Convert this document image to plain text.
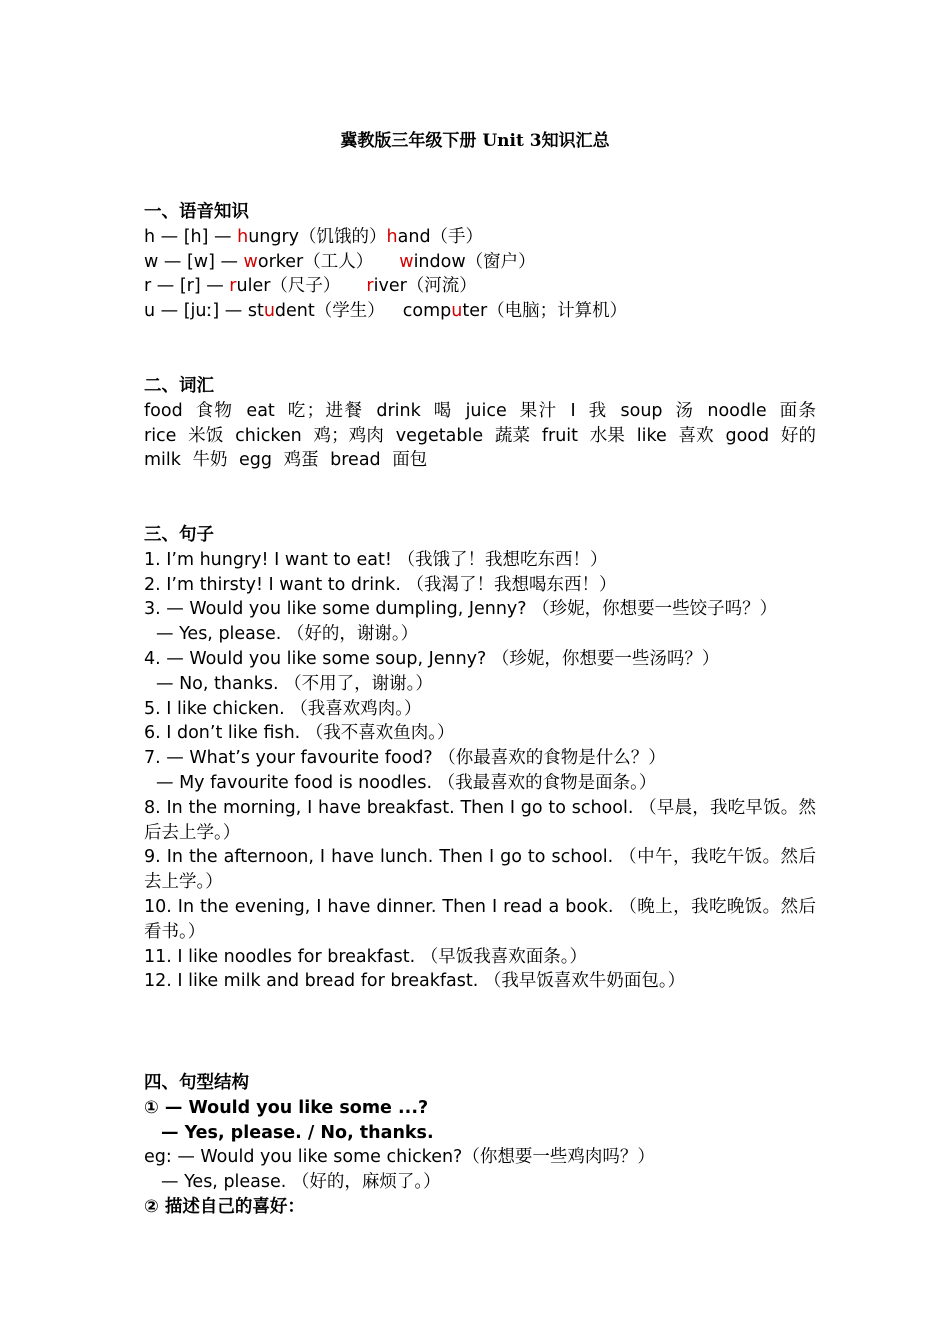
冀教版三年级下册 Unit 3知识汇总
一、语音知识
h — [h] — hungry（饥饿的）hand（手）
w — [w] — worker（工人） window（窗户）
r — [r] — ruler（尺子） river（河流）
u — [juː] — student（学生） computer（电脑；计算机）
二、词汇
food 食物 eat 吃；进餐 drink 喝 juice 果汁 I 我 soup 汤 noodle 面条 rice 米饭 chicken 鸡；鸡肉 vegetable 蔬菜 fruit 水果 like 喜欢 good 好的 milk 牛奶 egg 鸡蛋 bread 面包
三、句子
1. I’m hungry! I want to eat! （我饿了！我想吃东西！）
2. I’m thirsty! I want to drink. （我渴了！我想喝东西！）
3. — Would you like some dumpling, Jenny? （珍妮，你想要一些饺子吗？）
— Yes, please. （好的，谢谢。）
4. — Would you like some soup, Jenny? （珍妮，你想要一些汤吗？）
— No, thanks. （不用了，谢谢。）
5. I like chicken. （我喜欢鸡肉。）
6. I don’t like fish. （我不喜欢鱼肉。）
7. — What’s your favourite food? （你最喜欢的食物是什么？）
— My favourite food is noodles. （我最喜欢的食物是面条。）
8. In the morning, I have breakfast. Then I go to school. （早晨，我吃早饭。然后去上学。）
9. In the afternoon, I have lunch. Then I go to school. （中午，我吃午饭。然后去上学。）
10. In the evening, I have dinner. Then I read a book. （晚上，我吃晚饭。然后看书。）
11. I like noodles for breakfast. （早饭我喜欢面条。）
12. I like milk and bread for breakfast. （我早饭喜欢牛奶面包。）
四、句型结构
① — Would you like some ...?
— Yes, please. / No, thanks.
eg: — Would you like some chicken?（你想要一些鸡肉吗？）
— Yes, please. （好的，麻烦了。）
② 描述自己的喜好：
